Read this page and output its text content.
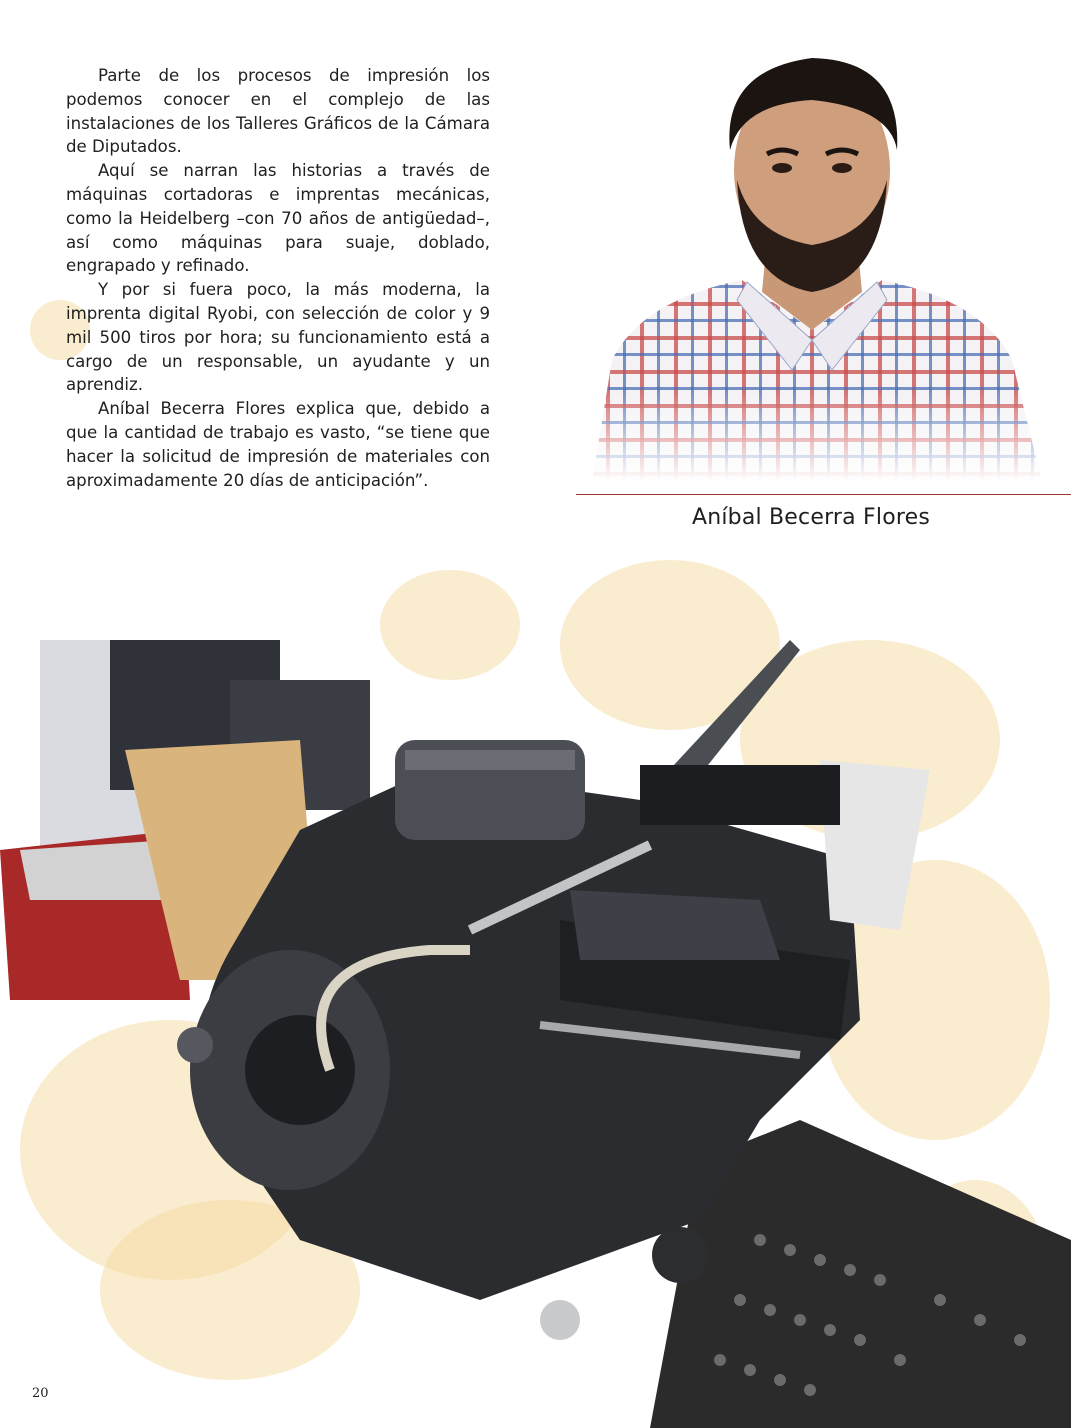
Parte de los procesos de impresión los podemos conocer en el complejo de las instalaciones de los Talleres Gráficos de la Cámara de Diputados.

Aquí se narran las historias a través de máquinas cortadoras e imprentas mecánicas, como la Heidelberg –con 70 años de antigüedad–, así como máquinas para suaje, doblado, engrapado y refinado.

Y por si fuera poco, la más moderna, la imprenta digital Ryobi, con selección de color y 9 mil 500 tiros por hora; su funcionamiento está a cargo de un responsable, un ayudante y un aprendiz.

Aníbal Becerra Flores explica que, debido a que la cantidad de trabajo es vasto, “se tiene que hacer la solicitud de impresión de materiales con aproximadamente 20 días de anticipación”.

Aníbal Becerra Flores
20
